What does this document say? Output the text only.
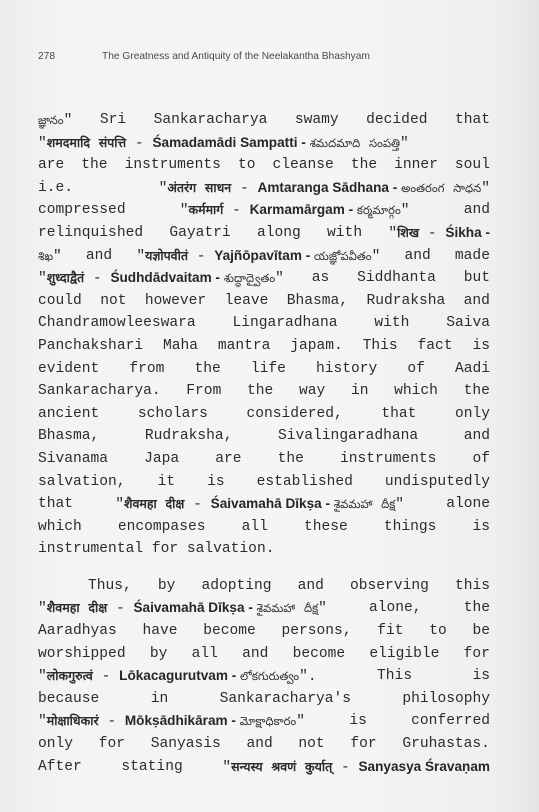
278	The Greatness and Antiquity of the Neelakantha Bhashyam
జ్ఞానం" Sri Sankaracharya swamy decided that
"शमदमादि संपत्ति - Śamadamādi Sampatti - శమదమాది సంపత్తి"
are the instruments to cleanse the inner soul
i.e.	"अंतरंग साधन - Amtaranga Sādhana - అంతరంగ సాధన"
compressed	"कर्ममार्ग - Karmamārgam - కర్మమార్గం"	and
relinquished Gayatri along with "शिख - Śikha -
శిఖ" and "यज्ञोपवीतं - Yajñōpavītam - యజ్ఞోపవీతం" and made
"शुध्दाद्वैतं - Śudhdādvaitam - శుద్ధాద్వైతం" as Siddhanta but
could not however leave Bhasma, Rudraksha and
Chandramowleeswara	Lingaradhana	with	Saiva
Panchakshari Maha mantra japam. This fact is
evident from the life history of Aadi
Sankaracharya. From the way in which the
ancient	scholars	considered,	that	only
Bhasma,	Rudraksha,	Sivalingaradhana	and
Sivanama Japa are the instruments of
salvation, it is established undisputedly
that	"शैवमहा दीक्ष - Śaivamahā Dīkṣa - శైవమహా దీక్ష"	alone
which encompases all these things is
instrumental for salvation.
Thus, by adopting and observing this
"शैवमहा दीक्ष - Śaivamahā Dīkṣa - శైవమహా దీక్ష"	alone,	the
Aaradhyas have become persons, fit to be
worshipped by all and become eligible for
"लोकगुरुत्वं - Lōkacagurutvam - లోకగురుత్వం".	This	is
because	in	Sankaracharya's	philosophy
"मोक्षाधिकारं - Mōkṣādhikāram - మోక్షాధికారం"	is	conferred
only for Sanyasis and not for Gruhastas.
After	stating	"सन्यस्य श्रवणं कुर्यात् - Sanyasya Śravaṇam
